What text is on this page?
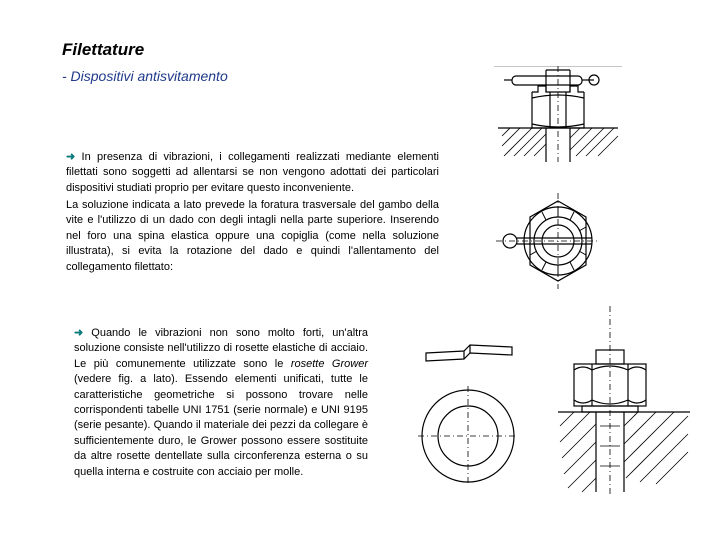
Filettature
- Dispositivi antisvitamento

➜ In presenza di vibrazioni, i collegamenti realizzati mediante elementi filettati sono soggetti ad allentarsi se non vengono adottati dei particolari dispositivi studiati proprio per evitare questo inconveniente.

La soluzione indicata a lato prevede la foratura trasversale del gambo della vite e l'utilizzo di un dado con degli intagli nella parte superiore. Inserendo nel foro una spina elastica oppure una copiglia (come nella soluzione illustrata), si evita la rotazione del dado e quindi l'allentamento del collegamento filettato:

➜ Quando le vibrazioni non sono molto forti, un'altra soluzione consiste nell'utilizzo di rosette elastiche di acciaio. Le più comunemente utilizzate sono le rosette Grower (vedere fig. a lato). Essendo elementi unificati, tutte le caratteristiche geometriche si possono trovare nelle corrispondenti tabelle UNI 1751 (serie normale) e UNI 9195 (serie pesante). Quando il materiale dei pezzi da collegare è sufficientemente duro, le Grower possono essere sostituite da altre rosette dentellate sulla circonferenza esterna o su quella interna e costruite con acciaio per molle.
